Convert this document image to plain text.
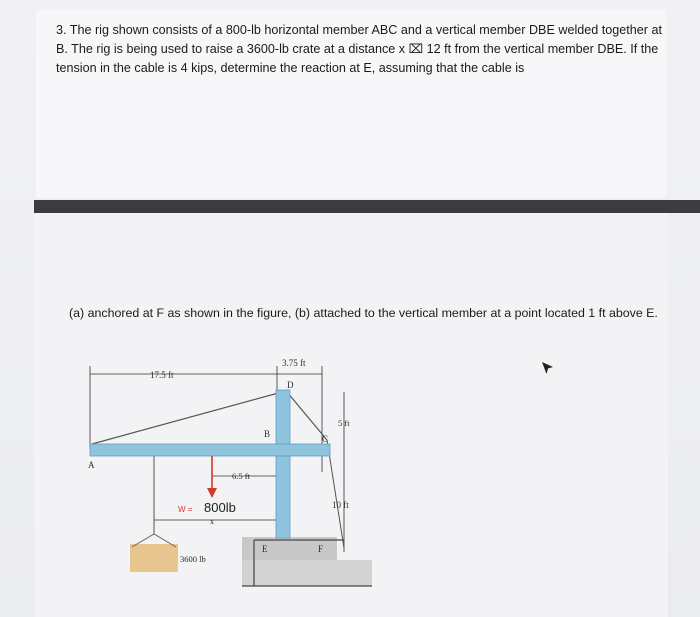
3. The rig shown consists of a 800-lb horizontal member ABC and a vertical member DBE welded together at B. The rig is being used to raise a 3600-lb crate at a distance x ⌧ 12 ft from the vertical member DBE. If the tension in the cable is 4 kips, determine the reaction at E, assuming that the cable is

(a) anchored at F as shown in the figure, (b) attached to the vertical member at a point located 1 ft above E.

17.5 ft
3.75 ft
D
5 ft
B	C
A
6.5 ft
W = 800lb
x
10 ft
E	F
3600 lb
